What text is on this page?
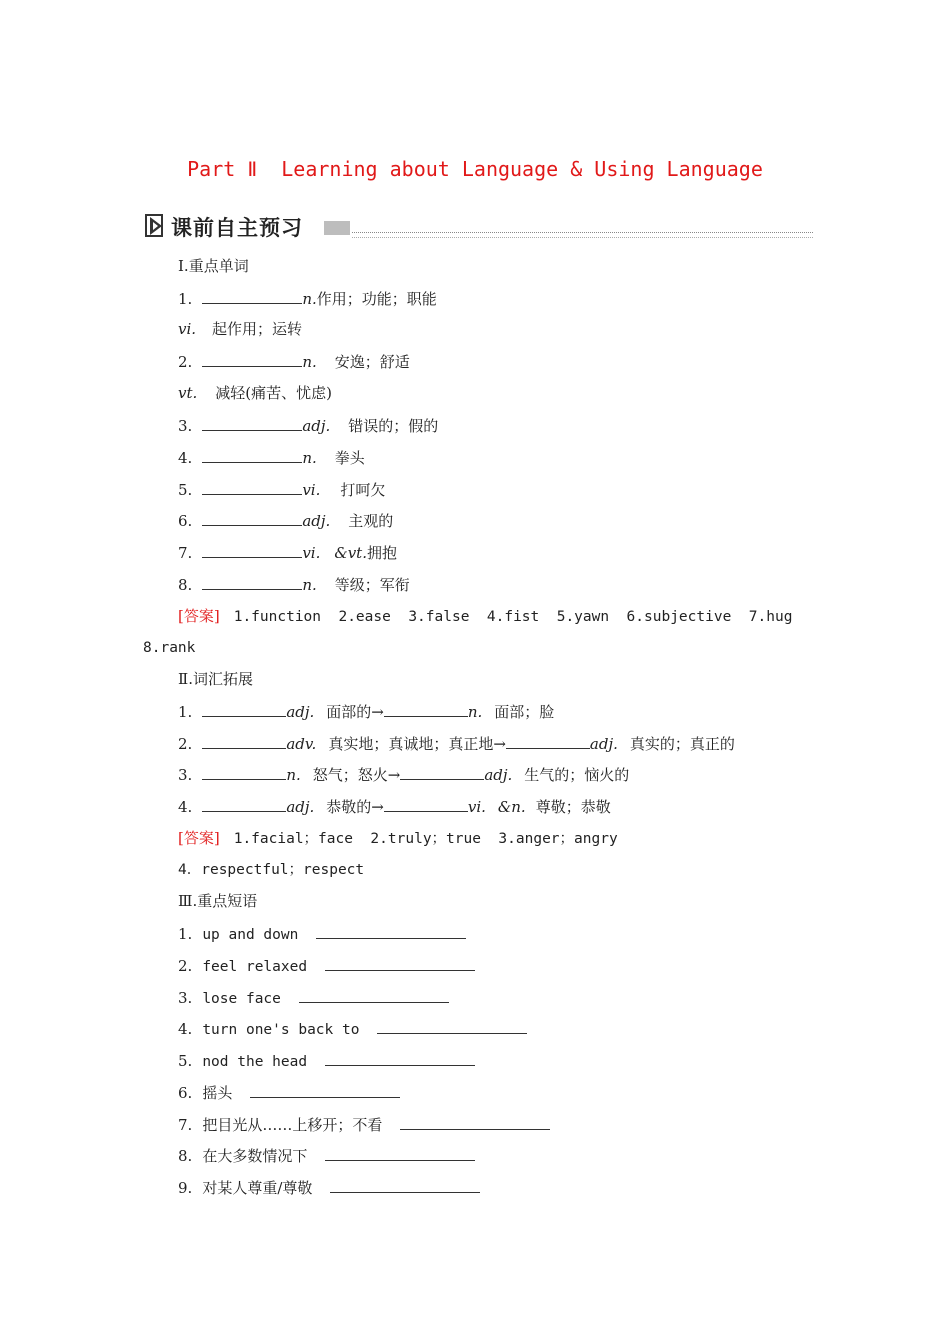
Part Ⅱ  Learning about Language & Using Language
课前自主预习
Ⅰ.重点单词
1.	n.作用；功能；职能
vi. 起作用；运转
2.	n. 安逸；舒适
vt. 减轻(痛苦、忧虑)
3.	adj. 错误的；假的
4.	n. 拳头
5.	vi. 打呵欠
6.	adj. 主观的
7.	vi. &vt.拥抱
8.	n. 等级；军衔
[答案] 1.function  2.ease  3.false  4.fist  5.yawn  6.subjective  7.hug
8.rank
Ⅱ.词汇拓展
1.	adj. 面部的→	n. 面部；脸
2.	adv. 真实地；真诚地；真正地→	adj. 真实的；真正的
3.	n. 怒气；怒火→	adj. 生气的；恼火的
4.	adj. 恭敬的→	vi. &n. 尊敬；恭敬
[答案] 1.facial；face  2.truly；true  3.anger；angry
4．respectful；respect
Ⅲ.重点短语
1. up and down
2. feel relaxed
3. lose face
4. turn one's back to
5. nod the head
6. 摇头
7. 把目光从……上移开；不看
8. 在大多数情况下
9. 对某人尊重/尊敬
